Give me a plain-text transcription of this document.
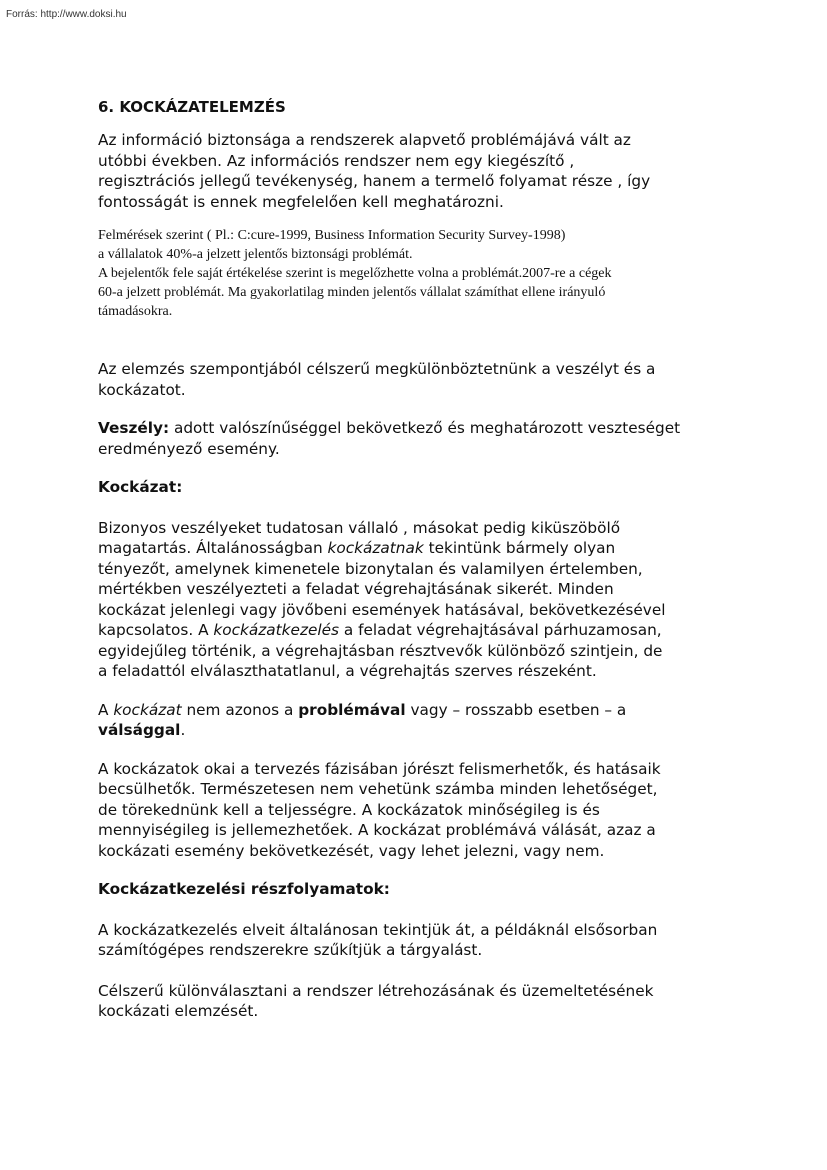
Forrás: http://www.doksi.hu
6. KOCKÁZATELEMZÉS
Az információ biztonsága a rendszerek alapvető problémájává vált az
utóbbi években. Az információs rendszer nem egy kiegészítő ,
regisztrációs jellegű tevékenység, hanem a termelő folyamat része , így
fontosságát is ennek megfelelően kell meghatározni.
Felmérések szerint ( Pl.: C:cure-1999, Business Information Security Survey-1998)
a vállalatok 40%-a jelzett jelentős biztonsági problémát.
A bejelentők fele saját értékelése szerint is megelőzhette volna a problémát.2007-re a cégek
60-a jelzett problémát. Ma gyakorlatilag minden jelentős vállalat számíthat ellene irányuló
támadásokra.
Az elemzés szempontjából célszerű megkülönböztetnünk a veszélyt és a
kockázatot.
Veszély: adott valószínűséggel bekövetkező és meghatározott veszteséget
eredményező esemény.
Kockázat:
Bizonyos veszélyeket tudatosan vállaló , másokat pedig kiküszöbölő
magatartás. Általánosságban kockázatnak tekintünk bármely olyan
tényezőt, amelynek kimenetele bizonytalan és valamilyen értelemben,
mértékben veszélyezteti a feladat végrehajtásának sikerét. Minden
kockázat jelenlegi vagy jövőbeni események hatásával, bekövetkezésével
kapcsolatos. A kockázatkezelés a feladat végrehajtásával párhuzamosan,
egyidejűleg történik, a végrehajtásban résztvevők különböző szintjein, de
a feladattól elválaszthatatlanul, a végrehajtás szerves részeként.
A kockázat nem azonos a problémával vagy – rosszabb esetben – a
válsággal.
A kockázatok okai a tervezés fázisában jórészt felismerhetők, és hatásaik
becsülhetők. Természetesen nem vehetünk számba minden lehetőséget,
de törekednünk kell a teljességre. A kockázatok minőségileg is és
mennyiségileg is jellemezhetőek. A kockázat problémává válását, azaz a
kockázati esemény bekövetkezését, vagy lehet jelezni, vagy nem.
Kockázatkezelési részfolyamatok:
A kockázatkezelés elveit általánosan tekintjük át, a példáknál elsősorban
számítógépes rendszerekre szűkítjük a tárgyalást.
Célszerű különválasztani a rendszer létrehozásának és üzemeltetésének
kockázati elemzését.
